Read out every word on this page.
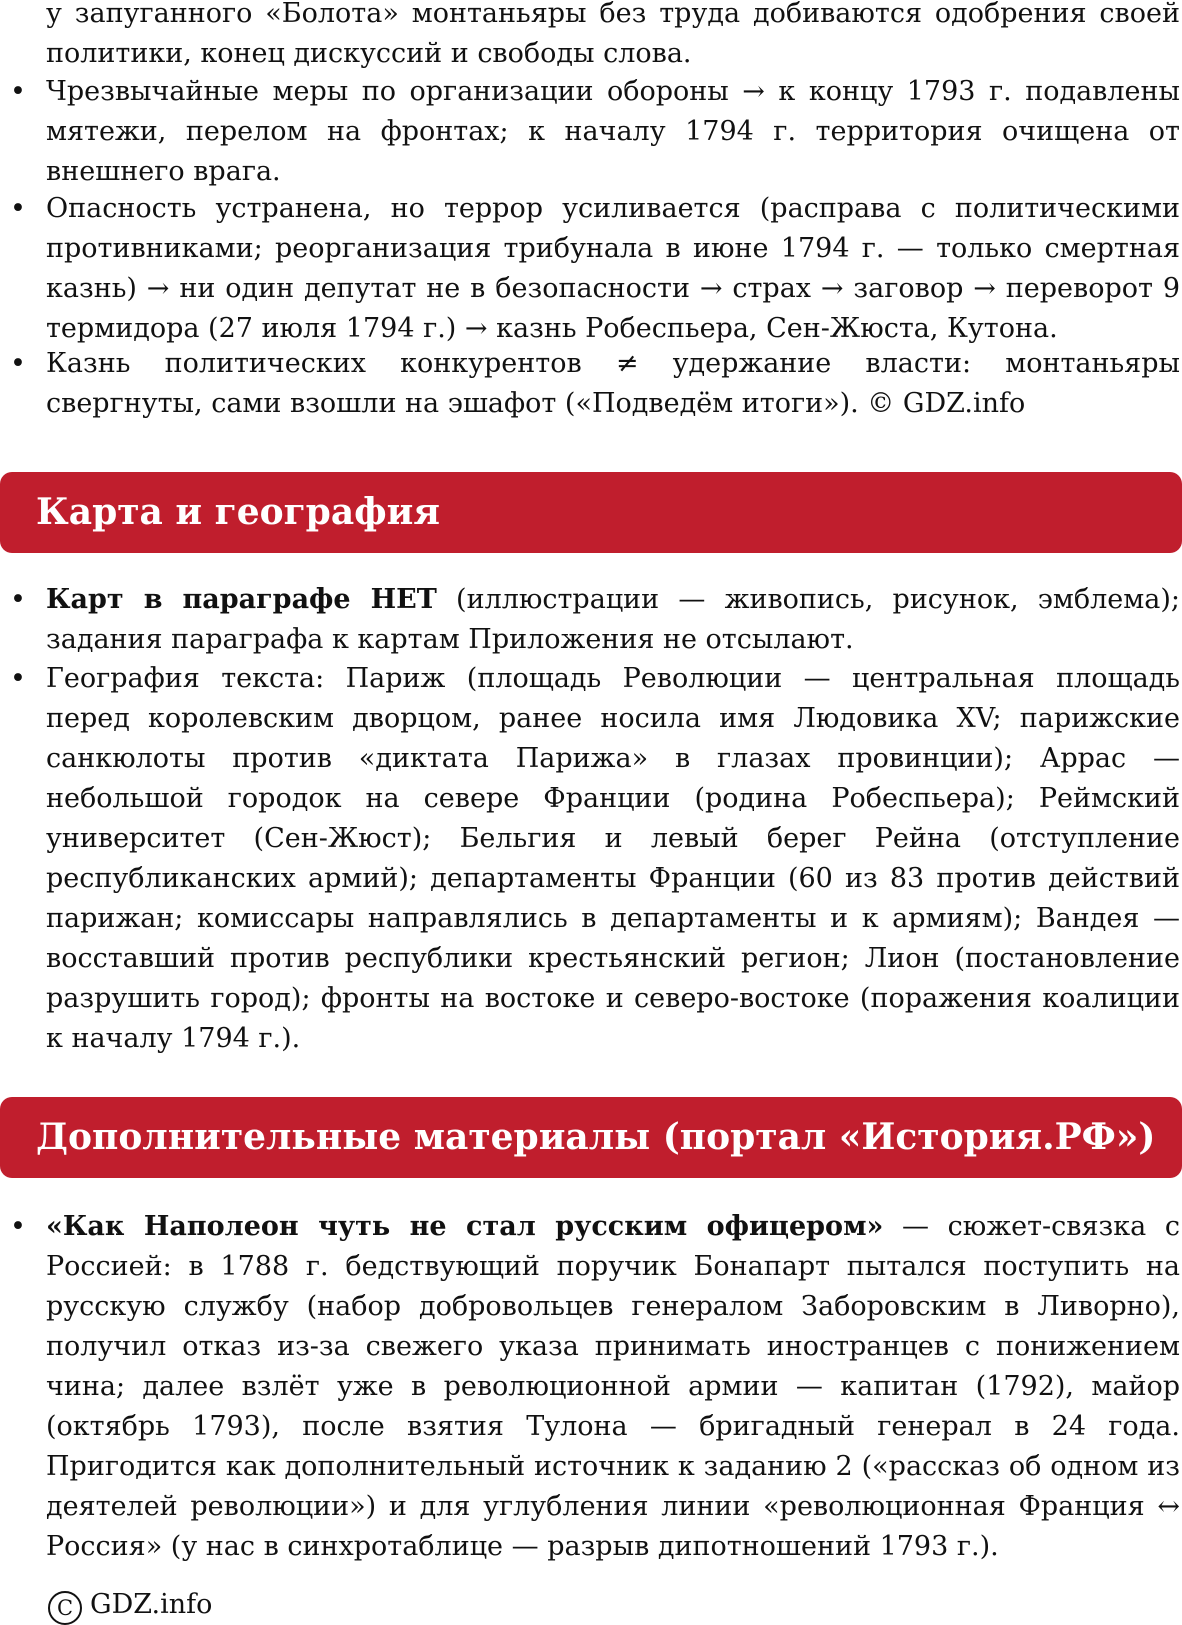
у запуганного «Болота» монтаньяры без труда добиваются одобрения своей политики, конец дискуссий и свободы слова.

•

Чрезвычайные меры по организации обороны → к концу 1793 г. подавлены мятежи, перелом на фронтах; к началу 1794 г. территория очищена от внешнего врага.

•

Опасность устранена, но террор усиливается (расправа с политическими противниками; реорганизация трибунала в июне 1794 г. — только смертная казнь) → ни один депутат не в безопасности → страх → заговор → переворот 9 термидора (27 июля 1794 г.) → казнь Робеспьера, Сен-Жюста, Кутона.

•

Казнь политических конкурентов ≠ удержание власти: монтаньяры свергнуты, сами взошли на эшафот («Подведём итоги»). © GDZ.info

Карта и география
•

Карт в параграфе НЕТ (иллюстрации — живопись, рисунок, эмблема); задания параграфа к картам Приложения не отсылают.

•

География текста: Париж (площадь Революции — центральная площадь перед королевским дворцом, ранее носила имя Людовика XV; парижские санкюлоты против «диктата Парижа» в глазах провинции); Аррас — небольшой городок на севере Франции (родина Робеспьера); Реймский университет (Сен-Жюст); Бельгия и левый берег Рейна (отступление республиканских армий); департаменты Франции (60 из 83 против действий парижан; комиссары направлялись в департаменты и к армиям); Вандея — восставший против республики крестьянский регион; Лион (постановление разрушить город); фронты на востоке и северо-востоке (поражения коалиции к началу 1794 г.).

Дополнительные материалы (портал «История.РФ»)
•

«Как Наполеон чуть не стал русским офицером» — сюжет-связка с Россией: в 1788 г. бедствующий поручик Бонапарт пытался поступить на русскую службу (набор добровольцев генералом Заборовским в Ливорно), получил отказ из-за свежего указа принимать иностранцев с понижением чина; далее взлёт уже в революционной армии — капитан (1792), майор (октябрь 1793), после взятия Тулона — бригадный генерал в 24 года. Пригодится как дополнительный источник к заданию 2 («рассказ об одном из деятелей революции») и для углубления линии «революционная Франция ↔ Россия» (у нас в синхротаблице — разрыв дипотношений 1793 г.).

C GDZ.info
